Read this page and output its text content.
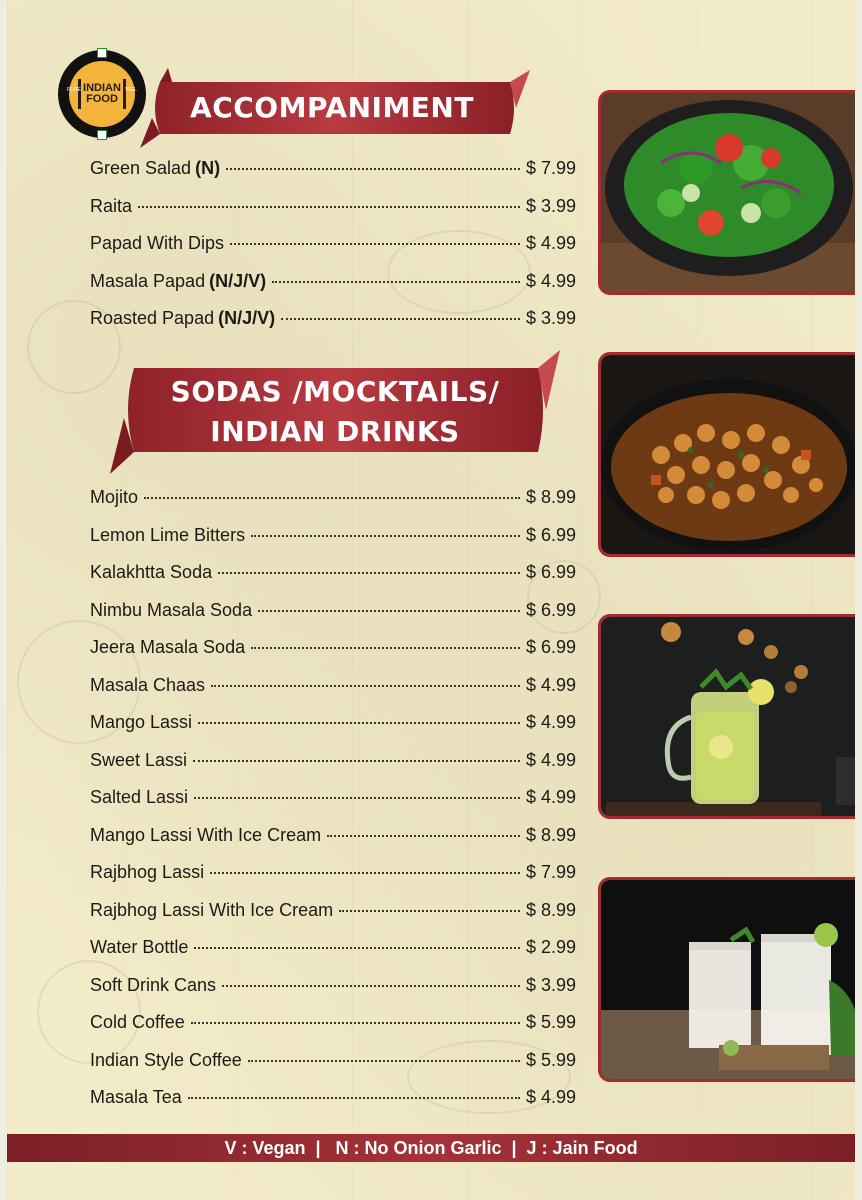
PURE	VEG.
INDIAN
FOOD	ACCOMPANIMENT
Green Salad (N)	$ 7.99
Raita	$ 3.99
Papad With Dips	$ 4.99
Masala Papad (N/J/V)	$ 4.99
Roasted Papad (N/J/V)	$ 3.99
SODAS /MOCKTAILS/
INDIAN DRINKS
Mojito	$ 8.99
Lemon Lime Bitters	$ 6.99
Kalakhtta Soda	$ 6.99
Nimbu Masala Soda	$ 6.99
Jeera Masala Soda	$ 6.99
Masala Chaas	$ 4.99
Mango Lassi	$ 4.99
Sweet Lassi	$ 4.99
Salted Lassi	$ 4.99
Mango Lassi With Ice Cream	$ 8.99
Rajbhog Lassi	$ 7.99
Rajbhog Lassi With Ice Cream	$ 8.99
Water Bottle	$ 2.99
Soft Drink Cans	$ 3.99
Cold Coffee	$ 5.99
Indian Style Coffee	$ 5.99
Masala Tea	$ 4.99
V : Vegan  |   N : No Onion Garlic  |  J : Jain Food
